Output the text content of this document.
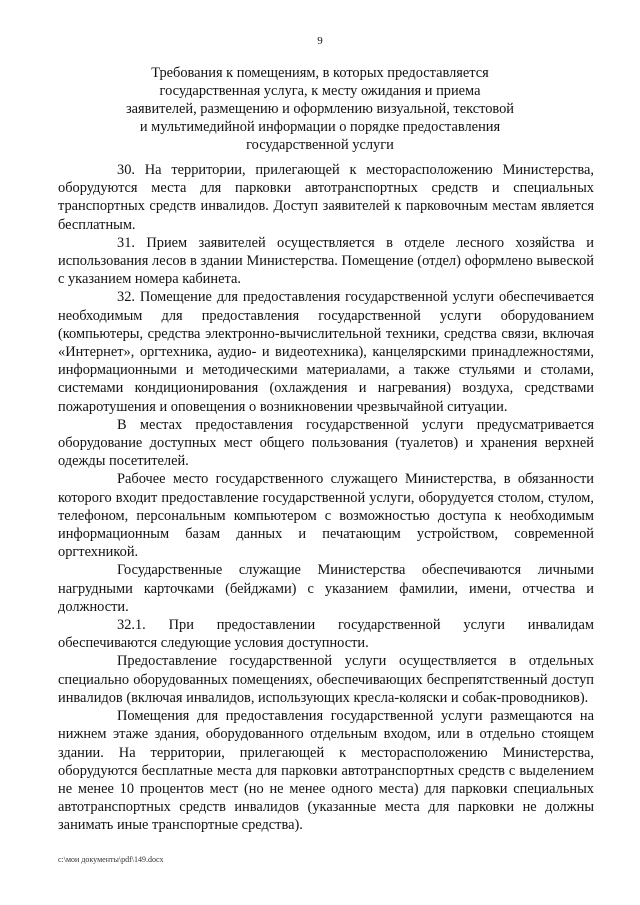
9
Требования к помещениям, в которых предоставляется
государственная услуга, к месту ожидания и приема
заявителей, размещению и оформлению визуальной, текстовой
и мультимедийной информации о порядке предоставления
государственной услуги

30. На территории, прилегающей к месторасположению Министерства, оборудуются места для парковки автотранспортных средств и специальных транспортных средств инвалидов. Доступ заявителей к парковочным местам является бесплатным.

31. Прием заявителей осуществляется в отделе лесного хозяйства и использования лесов в здании Министерства. Помещение (отдел) оформлено вывеской с указанием номера кабинета.

32. Помещение для предоставления государственной услуги обеспечивается необходимым для предоставления государственной услуги оборудованием (компьютеры, средства электронно-вычислительной техники, средства связи, включая «Интернет», оргтехника, аудио- и видеотехника), канцелярскими принадлежностями, информационными и методическими материалами, а также стульями и столами, системами кондиционирования (охлаждения и нагревания) воздуха, средствами пожаротушения и оповещения о возникновении чрезвычайной ситуации.

В местах предоставления государственной услуги предусматривается оборудование доступных мест общего пользования (туалетов) и хранения верхней одежды посетителей.

Рабочее место государственного служащего Министерства, в обязанности которого входит предоставление государственной услуги, оборудуется столом, стулом, телефоном, персональным компьютером с возможностью доступа к необходимым информационным базам данных и печатающим устройством, современной оргтехникой.

Государственные служащие Министерства обеспечиваются личными нагрудными карточками (бейджами) с указанием фамилии, имени, отчества и должности.

32.1. При предоставлении государственной услуги инвалидам обеспечиваются следующие условия доступности.

Предоставление государственной услуги осуществляется в отдельных специально оборудованных помещениях, обеспечивающих беспрепятственный доступ инвалидов (включая инвалидов, использующих кресла-коляски и собак-проводников).

Помещения для предоставления государственной услуги размещаются на нижнем этаже здания, оборудованного отдельным входом, или в отдельно стоящем здании. На территории, прилегающей к месторасположению Министерства, оборудуются бесплатные места для парковки автотранспортных средств с выделением не менее 10 процентов мест (но не менее одного места) для парковки специальных автотранспортных средств инвалидов (указанные места для парковки не должны занимать иные транспортные средства).

c:\мои документы\pdf\149.docx
